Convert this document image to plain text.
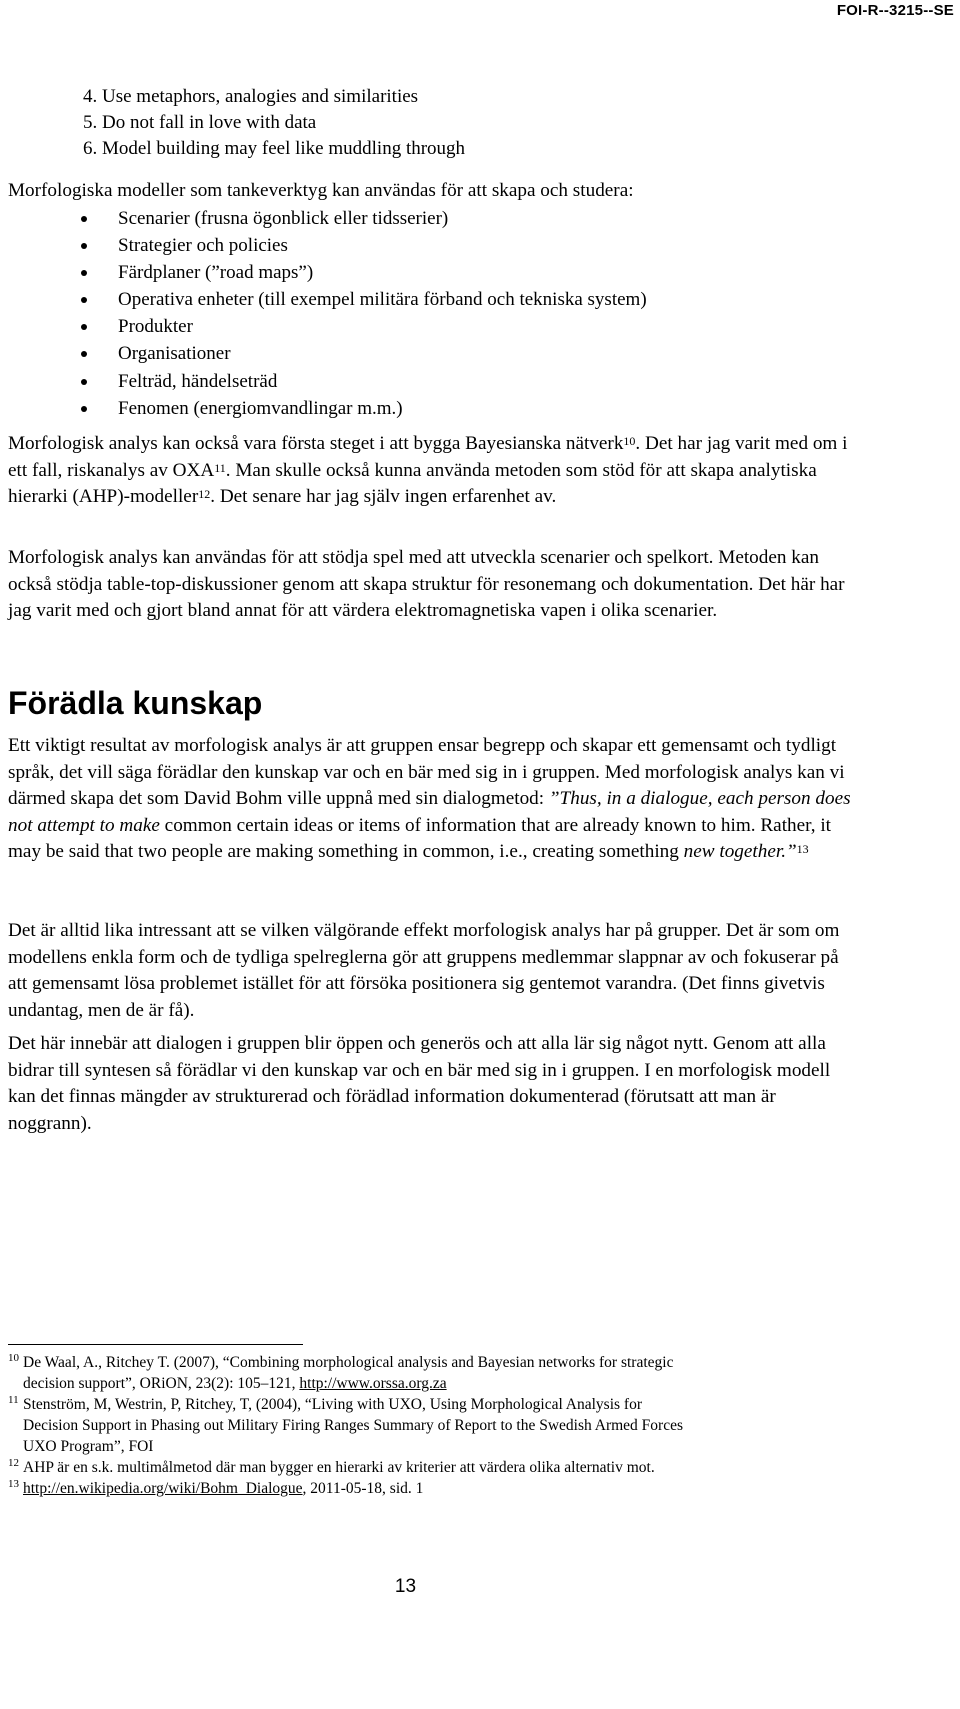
FOI-R--3215--SE
4. Use metaphors, analogies and similarities
5. Do not fall in love with data
6. Model building may feel like muddling through

Morfologiska modeller som tankeverktyg kan användas för att skapa och studera:

Scenarier (frusna ögonblick eller tidsserier)
Strategier och policies
Färdplaner (”road maps”)
Operativa enheter (till exempel militära förband och tekniska system)
Produkter
Organisationer
Felträd, händelseträd
Fenomen (energiomvandlingar m.m.)

Morfologisk analys kan också vara första steget i att bygga Bayesianska nätverk$^{10}$. Det har jag varit med om i ett fall, riskanalys av OXA$^{11}$. Man skulle också kunna använda metoden som stöd för att skapa analytiska hierarki (AHP)-modeller$^{12}$. Det senare har jag själv ingen erfarenhet av.

Morfologisk analys kan användas för att stödja spel med att utveckla scenarier och spelkort. Metoden kan också stödja table-top-diskussioner genom att skapa struktur för resonemang och dokumentation. Det här har jag varit med och gjort bland annat för att värdera elektromagnetiska vapen i olika scenarier.

Förädla kunskap

Ett viktigt resultat av morfologisk analys är att gruppen ensar begrepp och skapar ett gemensamt och tydligt språk, det vill säga förädlar den kunskap var och en bär med sig in i gruppen. Med morfologisk analys kan vi därmed skapa det som David Bohm ville uppnå med sin dialogmetod: ”Thus, in a dialogue, each person does not attempt to make common certain ideas or items of information that are already known to him. Rather, it may be said that two people are making something in common, i.e., creating something new together.”$^{13}$

Det är alltid lika intressant att se vilken välgörande effekt morfologisk analys har på grupper. Det är som om modellens enkla form och de tydliga spelreglerna gör att gruppens medlemmar slappnar av och fokuserar på att gemensamt lösa problemet istället för att försöka positionera sig gentemot varandra. (Det finns givetvis undantag, men de är få).

Det här innebär att dialogen i gruppen blir öppen och generös och att alla lär sig något nytt. Genom att alla bidrar till syntesen så förädlar vi den kunskap var och en bär med sig in i gruppen. I en morfologisk modell kan det finnas mängder av strukturerad och förädlad information dokumenterad (förutsatt att man är noggrann).

10 De Waal, A., Ritchey T. (2007), “Combining morphological analysis and Bayesian networks for strategic
decision support”, ORiON, 23(2): 105–121, http://www.orssa.org.za
11 Stenström, M, Westrin, P, Ritchey, T, (2004), “Living with UXO, Using Morphological Analysis for
Decision Support in Phasing out Military Firing Ranges Summary of Report to the Swedish Armed Forces
UXO Program”, FOI
12 AHP är en s.k. multimålmetod där man bygger en hierarki av kriterier att värdera olika alternativ mot.
13 http://en.wikipedia.org/wiki/Bohm_Dialogue, 2011-05-18, sid. 1
13
